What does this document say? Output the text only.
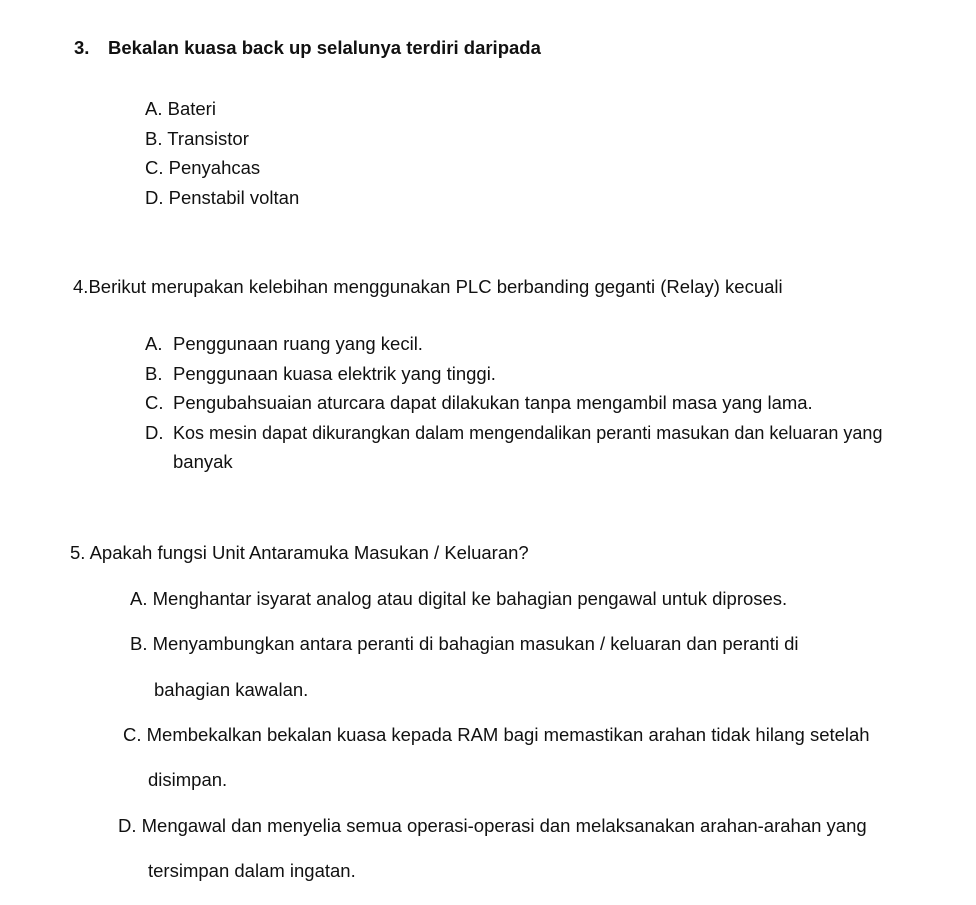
3. Bekalan kuasa back up selalunya terdiri daripada
A. Bateri
B. Transistor
C. Penyahcas
D. Penstabil voltan
4.Berikut merupakan kelebihan menggunakan PLC berbanding geganti (Relay) kecuali
A. Penggunaan ruang yang kecil.
B. Penggunaan kuasa elektrik yang tinggi.
C. Pengubahsuaian aturcara dapat dilakukan tanpa mengambil masa yang lama.
D. Kos mesin dapat dikurangkan dalam mengendalikan peranti masukan dan keluaran yang
banyak
5. Apakah fungsi Unit Antaramuka Masukan / Keluaran?
A. Menghantar isyarat analog atau digital ke bahagian pengawal untuk diproses.
B. Menyambungkan antara peranti di bahagian masukan / keluaran dan peranti di
bahagian kawalan.
C. Membekalkan bekalan kuasa kepada RAM bagi memastikan arahan tidak hilang setelah
disimpan.
D. Mengawal dan menyelia semua operasi-operasi dan melaksanakan arahan-arahan yang
tersimpan dalam ingatan.
